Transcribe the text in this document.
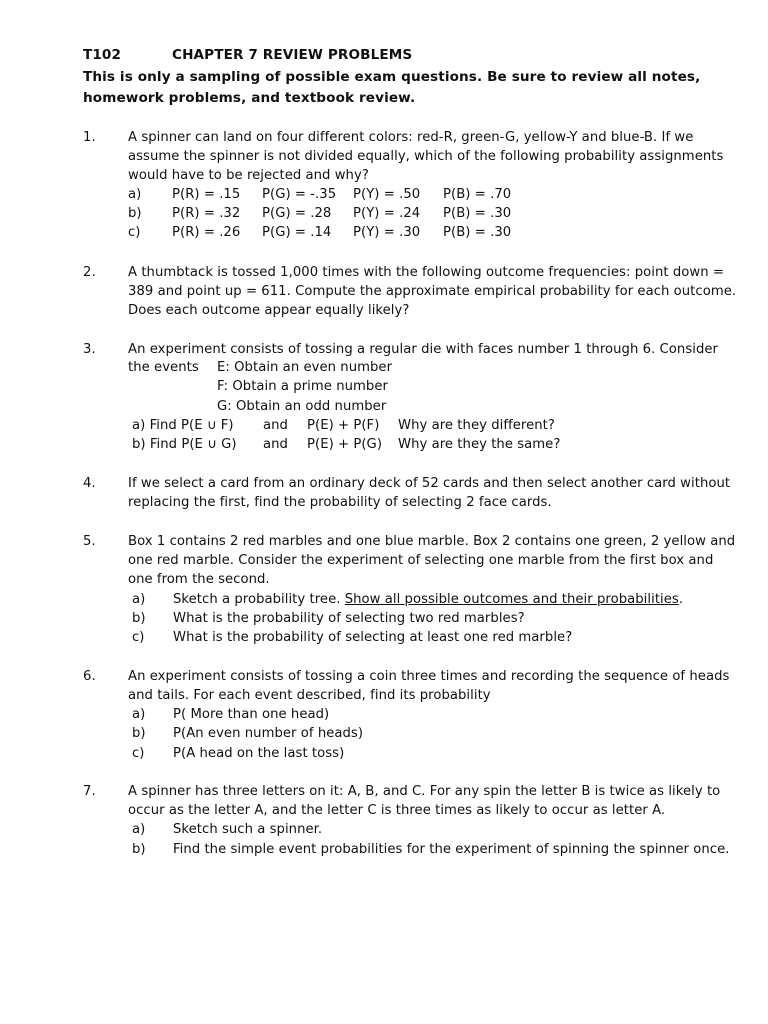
T102	CHAPTER 7 REVIEW PROBLEMS
This is only a sampling of possible exam questions. Be sure to review all notes,
homework problems, and textbook review.
1. A spinner can land on four different colors: red-R, green-G, yellow-Y and blue-B. If we
assume the spinner is not divided equally, which of the following probability assignments
would have to be rejected and why?
a) P(R) = .15 P(G) = -.35 P(Y) = .50 P(B) = .70
b) P(R) = .32 P(G) = .28 P(Y) = .24 P(B) = .30
c) P(R) = .26 P(G) = .14 P(Y) = .30 P(B) = .30
2. A thumbtack is tossed 1,000 times with the following outcome frequencies: point down =
389 and point up = 611. Compute the approximate empirical probability for each outcome.
Does each outcome appear equally likely?
3. An experiment consists of tossing a regular die with faces number 1 through 6. Consider
the events E: Obtain an even number
F: Obtain a prime number
G: Obtain an odd number
a) Find P(E ∪ F) and P(E) + P(F) Why are they different?
b) Find P(E ∪ G) and P(E) + P(G) Why are they the same?
4. If we select a card from an ordinary deck of 52 cards and then select another card without
replacing the first, find the probability of selecting 2 face cards.
5. Box 1 contains 2 red marbles and one blue marble. Box 2 contains one green, 2 yellow and
one red marble. Consider the experiment of selecting one marble from the first box and
one from the second.
a) Sketch a probability tree. Show all possible outcomes and their probabilities.
b) What is the probability of selecting two red marbles?
c) What is the probability of selecting at least one red marble?
6. An experiment consists of tossing a coin three times and recording the sequence of heads
and tails. For each event described, find its probability
a) P( More than one head)
b) P(An even number of heads)
c) P(A head on the last toss)
7. A spinner has three letters on it: A, B, and C. For any spin the letter B is twice as likely to
occur as the letter A, and the letter C is three times as likely to occur as letter A.
a) Sketch such a spinner.
b) Find the simple event probabilities for the experiment of spinning the spinner once.
